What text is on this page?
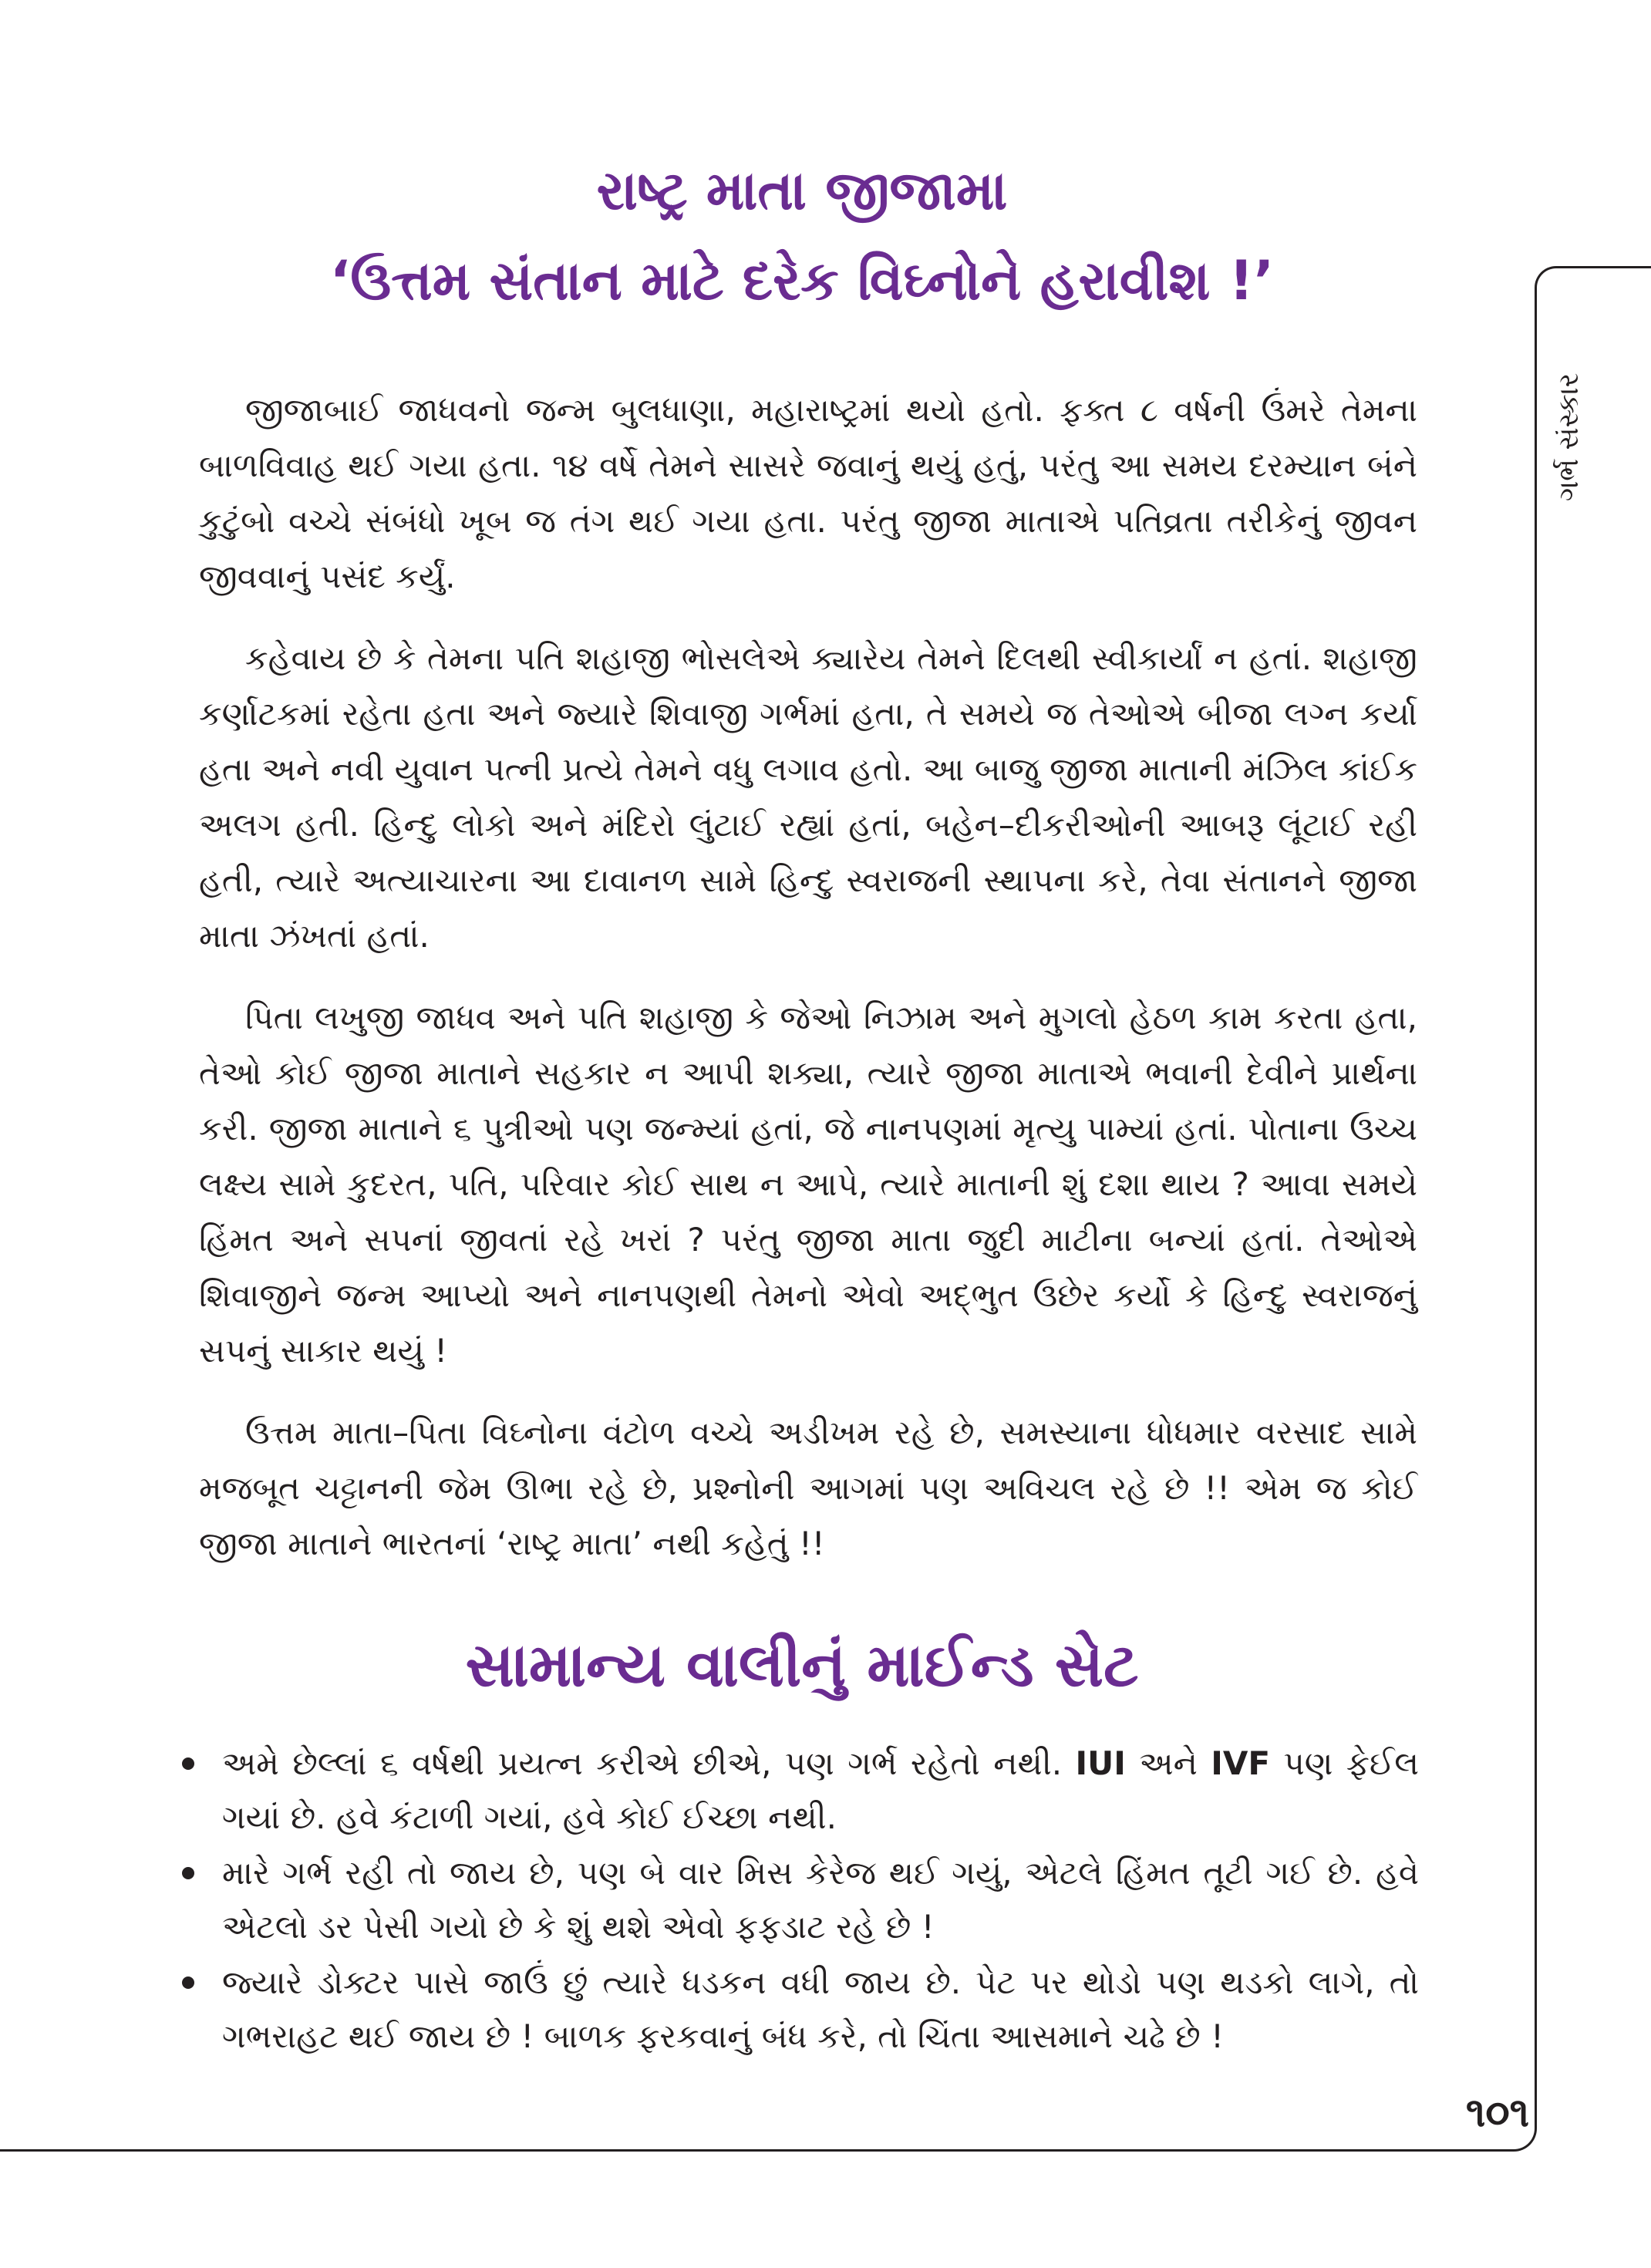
રાષ્ટ્ર માતા જીજામા
‘ઉત્તમ સંતાન માટે દરેક વિઘ્નોને હરાવીશ !’

જીજાબાઈ જાધવનો જન્મ બુલધાણા, મહારાષ્ટ્રમાં થયો હતો. ફક્ત ૮ વર્ષની ઉંમરે તેમના બાળવિવાહ થઈ ગયા હતા. ૧૪ વર્ષે તેમને સાસરે જવાનું થયું હતું, પરંતુ આ સમય દરમ્યાન બંને કુટુંબો વચ્ચે સંબંધો ખૂબ જ તંગ થઈ ગયા હતા. પરંતુ જીજા માતાએ પતિવ્રતા તરીકેનું જીવન જીવવાનું પસંદ કર્યું.

કહેવાય છે કે તેમના પતિ શહાજી ભોસલેએ ક્યારેય તેમને દિલથી સ્વીકાર્યાં ન હતાં. શહાજી કર્ણાટકમાં રહેતા હતા અને જ્યારે શિવાજી ગર્ભમાં હતા, તે સમયે જ તેઓએ બીજા લગ્ન કર્યા હતા અને નવી યુવાન પત્ની પ્રત્યે તેમને વધુ લગાવ હતો. આ બાજુ જીજા માતાની મંઝિલ કાંઈક અલગ હતી. હિન્દુ લોકો અને મંદિરો લુંટાઈ રહ્યાં હતાં, બહેન–દીકરીઓની આબરૂ લૂંટાઈ રહી હતી, ત્યારે અત્યાચારના આ દાવાનળ સામે હિન્દુ સ્વરાજની સ્થાપના કરે, તેવા સંતાનને જીજા માતા ઝંખતાં હતાં.

પિતા લખુજી જાધવ અને પતિ શહાજી કે જેઓ નિઝામ અને મુગલો હેઠળ કામ કરતા હતા, તેઓ કોઈ જીજા માતાને સહકાર ન આપી શક્યા, ત્યારે જીજા માતાએ ભવાની દેવીને પ્રાર્થના કરી. જીજા માતાને ૬ પુત્રીઓ પણ જન્મ્યાં હતાં, જે નાનપણમાં મૃત્યુ પામ્યાં હતાં. પોતાના ઉચ્ચ લક્ષ્ય સામે કુદરત, પતિ, પરિવાર કોઈ સાથ ન આપે, ત્યારે માતાની શું દશા થાય ? આવા સમયે હિંમત અને સપનાં જીવતાં રહે ખરાં ? પરંતુ જીજા માતા જુદી માટીના બન્યાં હતાં. તેઓએ શિવાજીને જન્મ આપ્યો અને નાનપણથી તેમનો એવો અદ્ભુત ઉછેર કર્યો કે હિન્દુ સ્વરાજનું સપનું સાકાર થયું !

ઉત્તમ માતા–પિતા વિઘ્નોના વંટોળ વચ્ચે અડીખમ રહે છે, સમસ્યાના ધોધમાર વરસાદ સામે મજબૂત ચટ્ટાનની જેમ ઊભા રહે છે, પ્રશ્નોની આગમાં પણ અવિચલ રહે છે !! એમ જ કોઈ જીજા માતાને ભારતનાં ‘રાષ્ટ્ર માતા’ નથી કહેતું !!

સામાન્ય વાલીનું માઈન્ડ સેટ
અમે છેલ્લાં ૬ વર્ષથી પ્રયત્ન કરીએ છીએ, પણ ગર્ભ રહેતો નથી. IUI અને IVF પણ ફેઈલ ગયાં છે. હવે કંટાળી ગયાં, હવે કોઈ ઈચ્છા નથી.
મારે ગર્ભ રહી તો જાય છે, પણ બે વાર મિસ કેરેજ થઈ ગયું, એટલે હિંમત તૂટી ગઈ છે. હવે એટલો ડર પેસી ગયો છે કે શું થશે એવો ફફડાટ રહે છે !
જ્યારે ડોક્ટર પાસે જાઉં છું ત્યારે ધડકન વધી જાય છે. પેટ પર થોડો પણ થડકો લાગે, તો ગભરાહટ થઈ જાય છે ! બાળક ફરકવાનું બંધ કરે, તો ચિંતા આસમાને ચઢે છે !
ગર્ભ સંસ્કાર
૧૦૧
